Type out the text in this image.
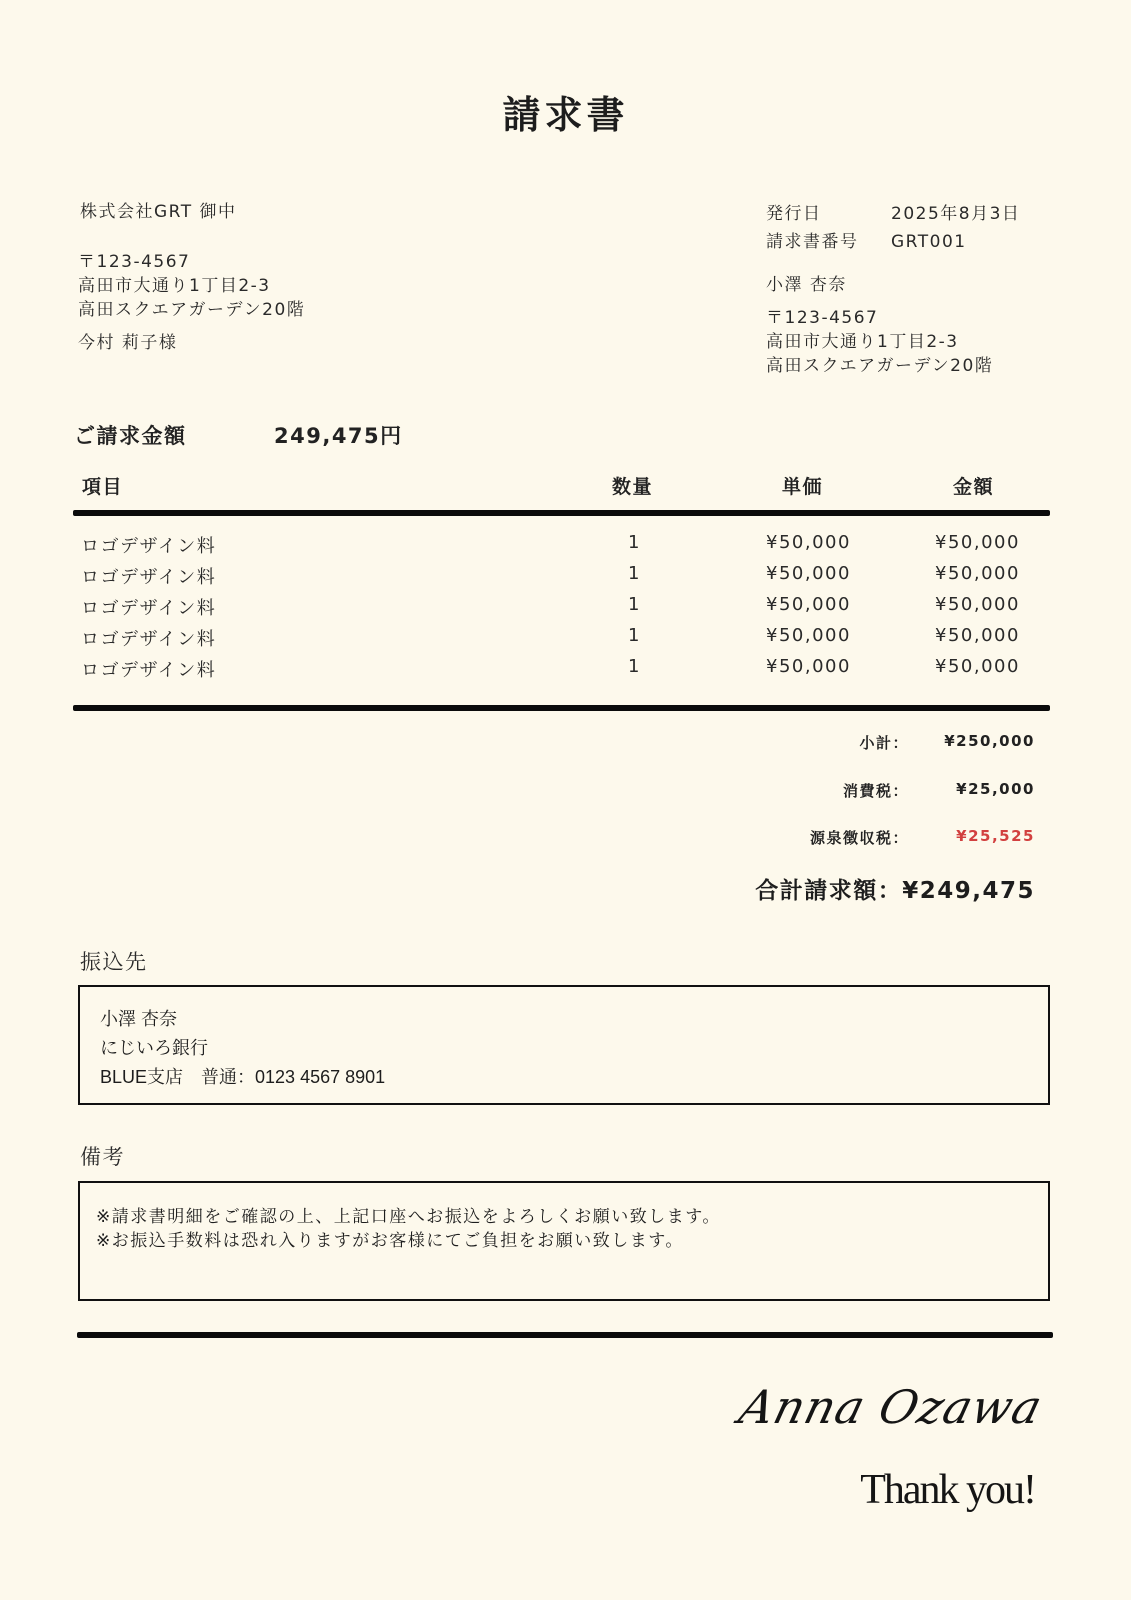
請求書
株式会社GRT 御中
〒123-4567
高田市大通り1丁目2-3
高田スクエアガーデン20階
今村 莉子様
発行日	2025年8月3日
請求書番号	GRT001
小澤 杏奈
〒123-4567
高田市大通り1丁目2-3
高田スクエアガーデン20階
ご請求金額	249,475円
項目	数量	単価	金額
ロゴデザイン料	1	¥50,000	¥50,000
ロゴデザイン料	1	¥50,000	¥50,000
ロゴデザイン料	1	¥50,000	¥50,000
ロゴデザイン料	1	¥50,000	¥50,000
ロゴデザイン料	1	¥50,000	¥50,000
小計： ¥250,000
消費税：	¥25,000
源泉徴収税：	¥25,525
合計請求額：¥249,475
振込先
小澤 杏奈
にじいろ銀行
BLUE支店　普通：0123 4567 8901
備考
※請求書明細をご確認の上、上記口座へお振込をよろしくお願い致します。
※お振込手数料は恐れ入りますがお客様にてご負担をお願い致します。
Anna Ozawa
Thank you!
